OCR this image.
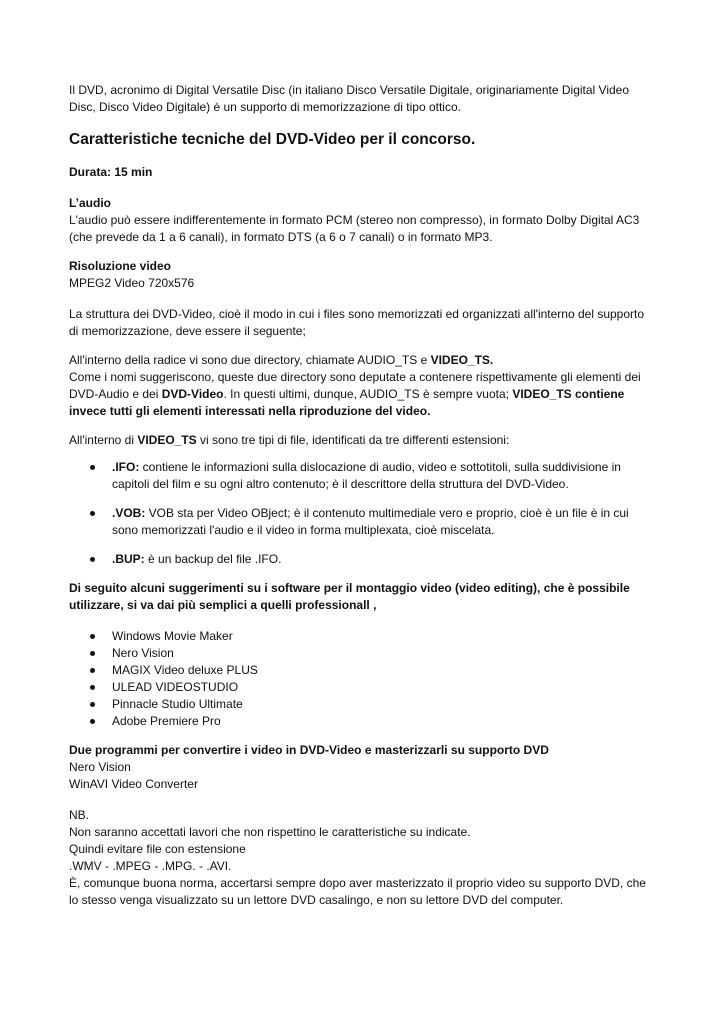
Il DVD, acronimo di Digital Versatile Disc (in italiano Disco Versatile Digitale, originariamente Digital Video Disc, Disco Video Digitale) è un supporto di memorizzazione di tipo ottico.

Caratteristiche tecniche del DVD-Video per il concorso.

Durata: 15 min

L’audio

L'audio può essere indifferentemente in formato PCM (stereo non compresso), in formato Dolby Digital AC3 (che prevede da 1 a 6 canali), in formato DTS (a 6 o 7 canali) o in formato MP3.

Risoluzione video

MPEG2 Video 720x576

La struttura dei DVD-Video, cioè il modo in cui i files sono memorizzati ed organizzati all'interno del supporto di memorizzazione, deve essere il seguente;

All'interno della radice vi sono due directory, chiamate AUDIO_TS e VIDEO_TS.
Come i nomi suggeriscono, queste due directory sono deputate a contenere rispettivamente gli elementi dei DVD-Audio e dei DVD-Video. In questi ultimi, dunque, AUDIO_TS è sempre vuota; VIDEO_TS contiene invece tutti gli elementi interessati nella riproduzione del video.

All'interno di VIDEO_TS vi sono tre tipi di file, identificati da tre differenti estensioni:

.IFO: contiene le informazioni sulla dislocazione di audio, video e sottotitoli, sulla suddivisione in capitoli del film e su ogni altro contenuto; è il descrittore della struttura del DVD-Video.
.VOB: VOB sta per Video OBject; è il contenuto multimediale vero e proprio, cioè è un file è in cui sono memorizzati l'audio e il video in forma multiplexata, cioè miscelata.
.BUP: è un backup del file .IFO.

Di seguito alcuni suggerimenti su i software per il montaggio video (video editing), che è possibile utilizzare, si va dai più semplici a quelli professionall ,

Windows Movie Maker
Nero Vision
MAGIX Video deluxe PLUS
ULEAD VIDEOSTUDIO
Pinnacle Studio Ultimate
Adobe Premiere Pro

Due programmi per convertire i video in DVD-Video e masterizzarli su supporto DVD

Nero Vision

WinAVI Video Converter

NB.

Non saranno accettati lavori che non rispettino le caratteristiche su indicate.

Quindi evitare file con estensione

.WMV - .MPEG - .MPG. - .AVI.

È, comunque buona norma, accertarsi sempre dopo aver masterizzato il proprio video su supporto DVD, che lo stesso venga visualizzato su un lettore DVD casalingo, e non su lettore DVD del computer.
